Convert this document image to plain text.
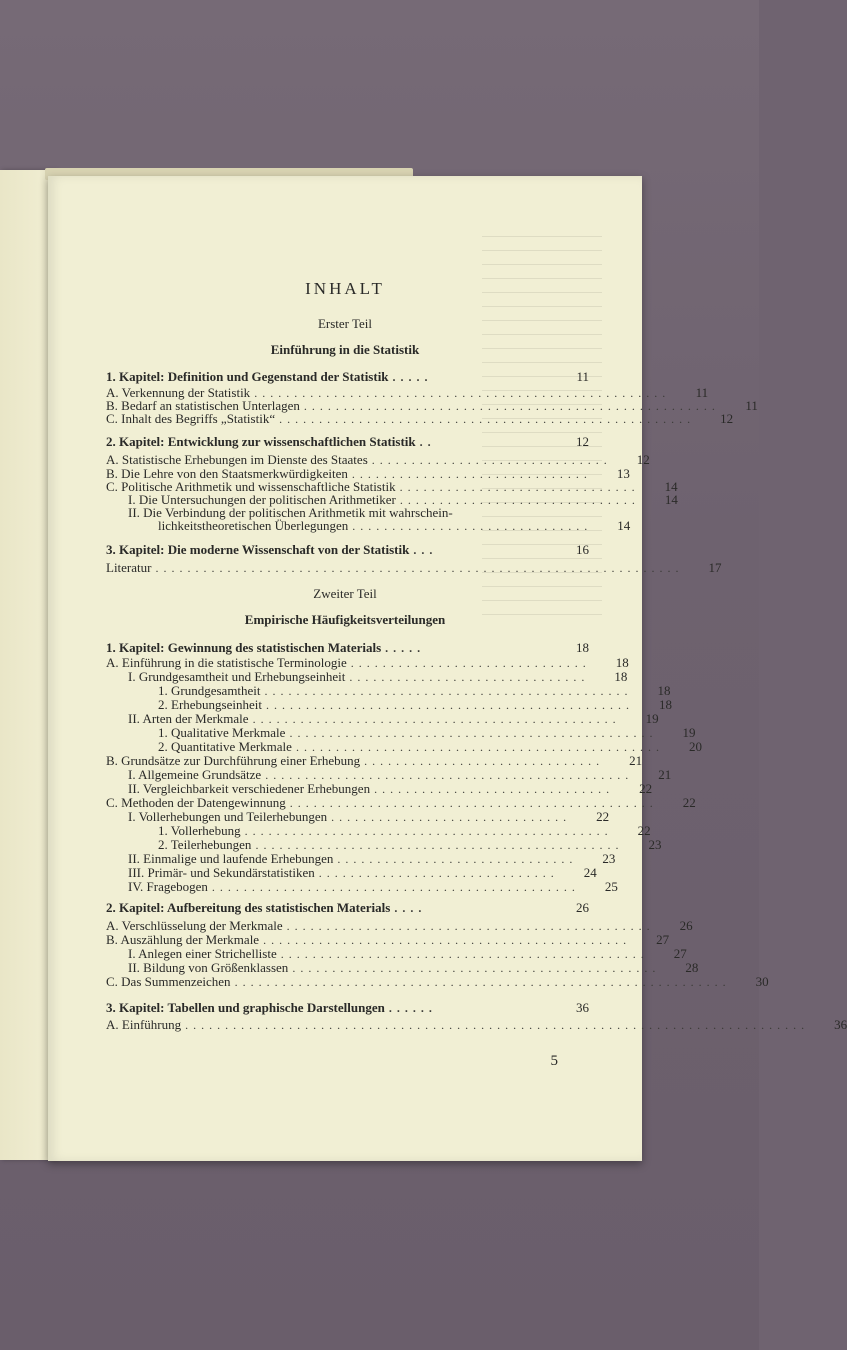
INHALT
Erster Teil
Einführung in die Statistik
1. Kapitel: Definition und Gegenstand der Statistik .....	11
A. Verkennung der Statistik ....................................................	11
B. Bedarf an statistischen Unterlagen ....................................................	11
C. Inhalt des Begriffs „Statistik“ ....................................................	12
2. Kapitel: Entwicklung zur wissenschaftlichen Statistik ..	12
A. Statistische Erhebungen im Dienste des Staates ..............................	12
B. Die Lehre von den Staatsmerkwürdigkeiten ..............................	13
C. Politische Arithmetik und wissenschaftliche Statistik ..............................	14
I. Die Untersuchungen der politischen Arithmetiker ..............................	14
II. Die Verbindung der politischen Arithmetik mit wahrschein-
lichkeitstheoretischen Überlegungen ..............................	14
3. Kapitel: Die moderne Wissenschaft von der Statistik ...	16
Literatur ..................................................................	17
Zweiter Teil
Empirische Häufigkeitsverteilungen
1. Kapitel: Gewinnung des statistischen Materials .....	18
A. Einführung in die statistische Terminologie ..............................	18
I. Grundgesamtheit und Erhebungseinheit ..............................	18
1. Grundgesamtheit ..............................................	18
2. Erhebungseinheit ..............................................	18
II. Arten der Merkmale ..............................................	19
1. Qualitative Merkmale ..............................................	19
2. Quantitative Merkmale ..............................................	20
B. Grundsätze zur Durchführung einer Erhebung ..............................	21
I. Allgemeine Grundsätze ..............................................	21
II. Vergleichbarkeit verschiedener Erhebungen ..............................	22
C. Methoden der Datengewinnung ..............................................	22
I. Vollerhebungen und Teilerhebungen ..............................	22
1. Vollerhebung ..............................................	22
2. Teilerhebungen ..............................................	23
II. Einmalige und laufende Erhebungen ..............................	23
III. Primär- und Sekundärstatistiken ..............................	24
IV. Fragebogen ..............................................	25
2. Kapitel: Aufbereitung des statistischen Materials ....	26
A. Verschlüsselung der Merkmale ..............................................	26
B. Auszählung der Merkmale ..............................................	27
I. Anlegen einer Strichelliste ..............................................	27
II. Bildung von Größenklassen ..............................................	28
C. Das Summenzeichen ..............................................................	30
3. Kapitel: Tabellen und graphische Darstellungen ......	36
A. Einführung ..............................................................................	36
5
